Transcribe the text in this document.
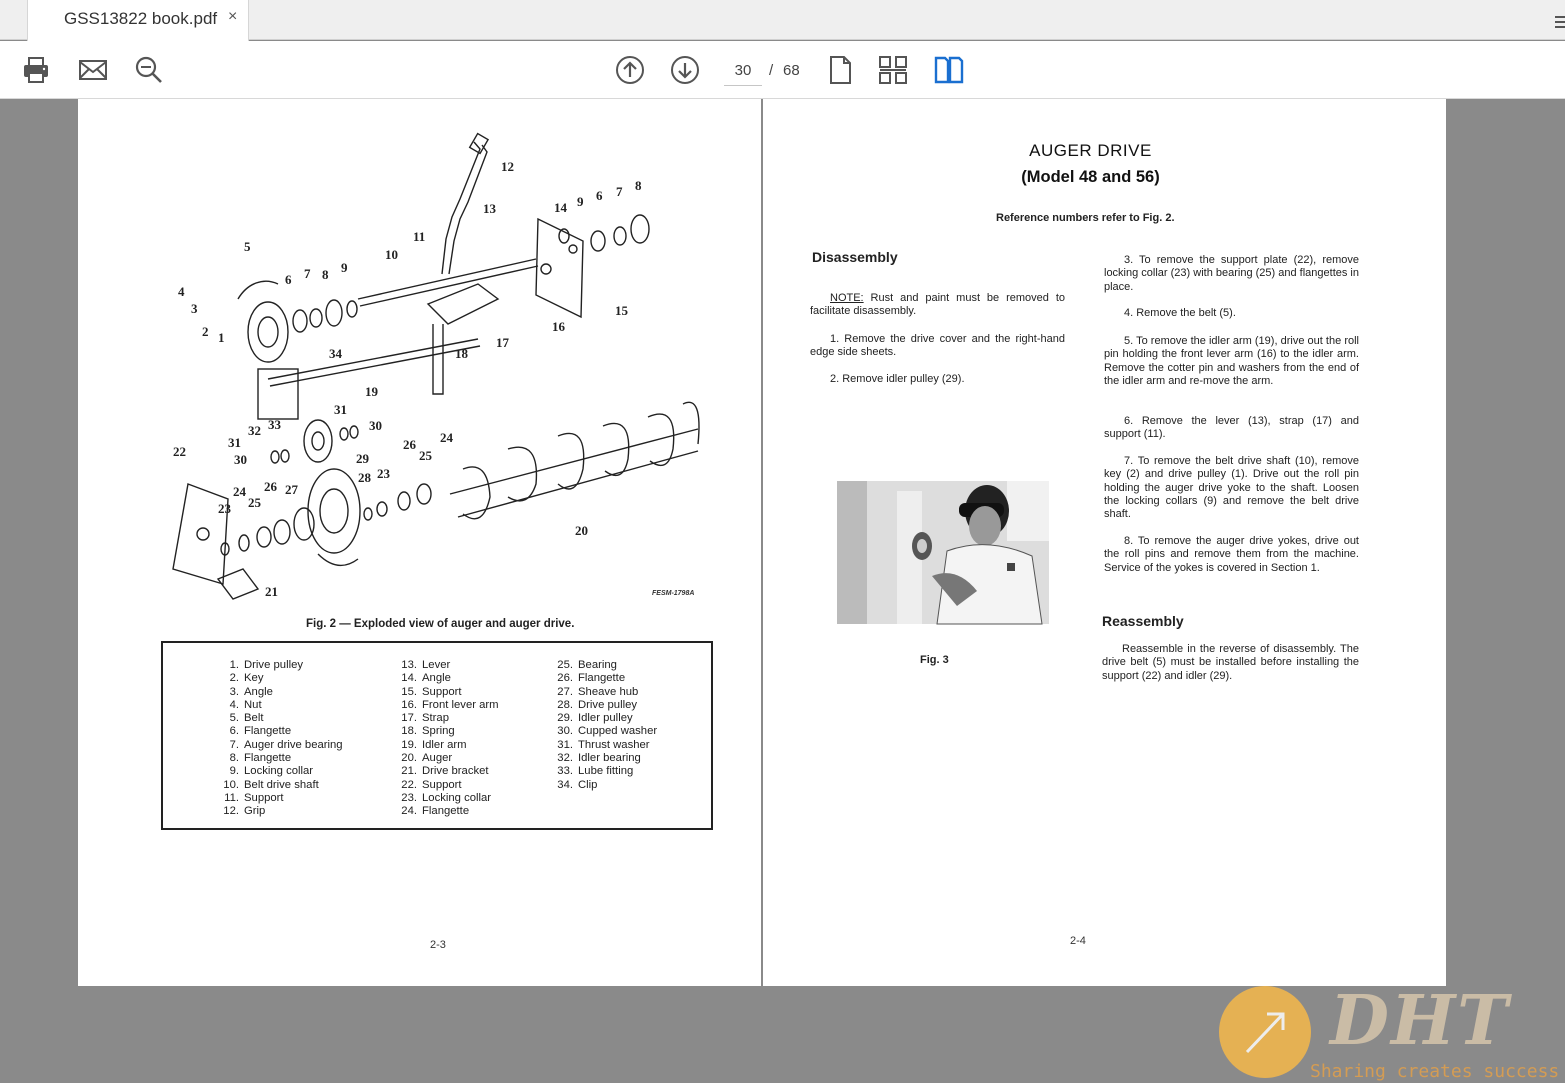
GSS13822 book.pdf ×
30
/ 68
1
2
3
4
5
6 7 8 9
10
11
12
13	14
15
16
17
18
19
20
21
22
23
24
25
26 27
28
29
30
31
32 33
34
9 6 7 8
31
30
23
24
25
26
FESM-1798A
Fig. 2 — Exploded view of auger and auger drive.
1. Drive pulley
2. Key
3. Angle
4. Nut
5. Belt
6. Flangette
7. Auger drive bearing
8. Flangette
9. Locking collar
10. Belt drive shaft
11. Support
12. Grip
13. Lever
14. Angle
15. Support
16. Front lever arm
17. Strap
18. Spring
19. Idler arm
20. Auger
21. Drive bracket
22. Support
23. Locking collar
24. Flangette
25. Bearing
26. Flangette
27. Sheave hub
28. Drive pulley
29. Idler pulley
30. Cupped washer
31. Thrust washer
32. Idler bearing
33. Lube fitting
34. Clip
2-3
AUGER DRIVE
(Model 48 and 56)
Reference numbers refer to Fig. 2.
Disassembly
NOTE: Rust and paint must be removed to facilitate disassembly.
1. Remove the drive cover and the right-hand edge side sheets.
2. Remove idler pulley (29).
Fig. 3
3. To remove the support plate (22), remove locking collar (23) with bearing (25) and flangettes in place.
4. Remove the belt (5).
5. To remove the idler arm (19), drive out the roll pin holding the front lever arm (16) to the idler arm. Remove the cotter pin and washers from the end of the idler arm and re-move the arm.
6. Remove the lever (13), strap (17) and support (11).
7. To remove the belt drive shaft (10), remove key (2) and drive pulley (1). Drive out the roll pin holding the auger drive yoke to the shaft. Loosen the locking collars (9) and remove the belt drive shaft.
8. To remove the auger drive yokes, drive out the roll pins and remove them from the machine. Service of the yokes is covered in Section 1.
Reassembly
Reassemble in the reverse of disassembly. The drive belt (5) must be installed before installing the support (22) and idler (29).
2-4
DHT
Sharing creates success
